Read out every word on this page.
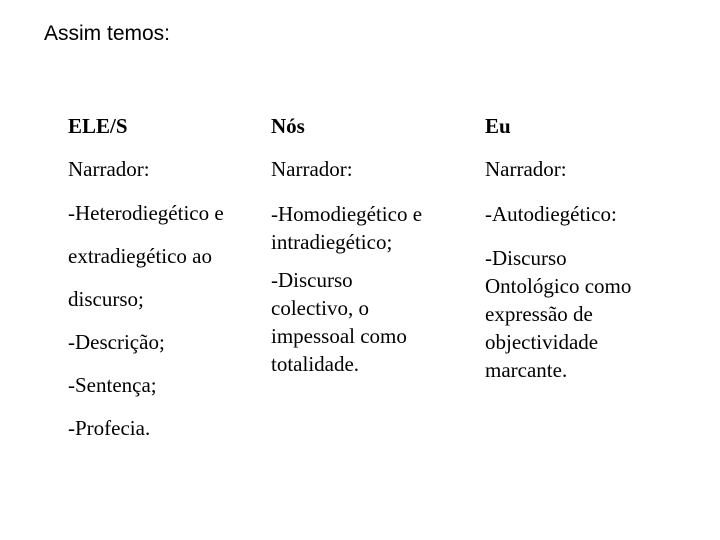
Assim temos:
ELE/S
Narrador:
-Heterodiegético e
extradiegético ao
discurso;
-Descrição;
-Sentença;
-Profecia.
Nós
Narrador:

-Homodiegético e intradiegético;

-Discurso colectivo, o impessoal como totalidade.

Eu
Narrador:

-Autodiegético:

-Discurso Ontológico como expressão de objectividade marcante.
